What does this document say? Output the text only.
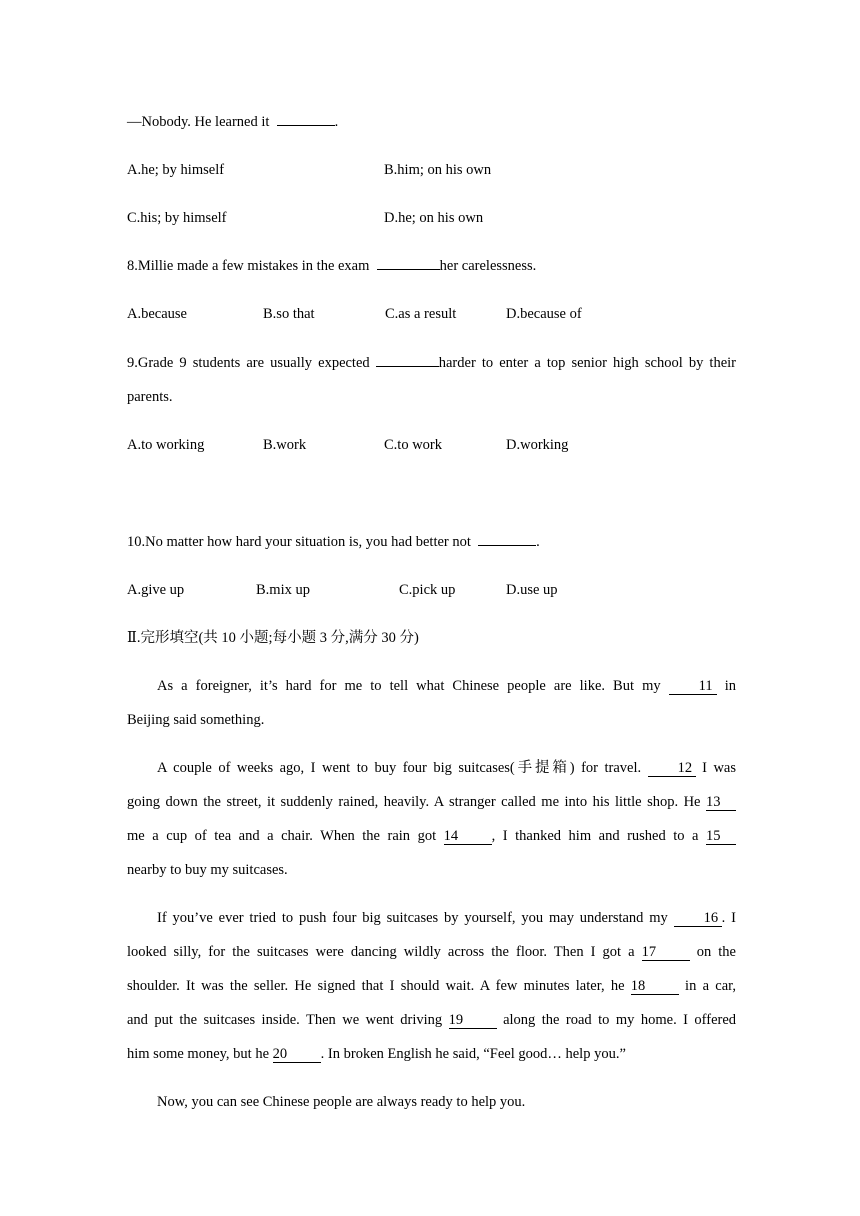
—Nobody. He learned it	.
A.he; by himself	B.him; on his own
C.his; by himself	D.he; on his own
8.Millie made a few mistakes in the exam	her carelessness.
A.because	B.so that	C.as a result	D.because of
9.Grade 9 students are usually expected	harder to enter a top senior high school by their
parents.
A.to working	B.work	C.to work	D.working
10.No matter how hard your situation is, you had better not	.
A.give up	B.mix up	C.pick up	D.use up
Ⅱ.完形填空(共 10 小题;每小题 3 分,满分 30 分)
As a foreigner, it’s hard for me to tell what Chinese people are like. But my	11 in
Beijing said something.
A couple of weeks ago, I went to buy four big suitcases(手提箱) for travel.	12 I was
going down the street, it suddenly rained, heavily. A stranger called me into his little shop. He 13
me a cup of tea and a chair. When the rain got 14 , I thanked him and rushed to a 15
nearby to buy my suitcases.
If you’ve ever tried to push four big suitcases by yourself, you may understand my 16 . I
looked silly, for the suitcases were dancing wildly across the floor. Then I got a 17	on the
shoulder. It was the seller. He signed that I should wait. A few minutes later, he 18	in a car,
and put the suitcases inside. Then we went driving 19	along the road to my home. I offered
him some money, but he 20 . In broken English he said, “Feel good… help you.”
Now, you can see Chinese people are always ready to help you.
